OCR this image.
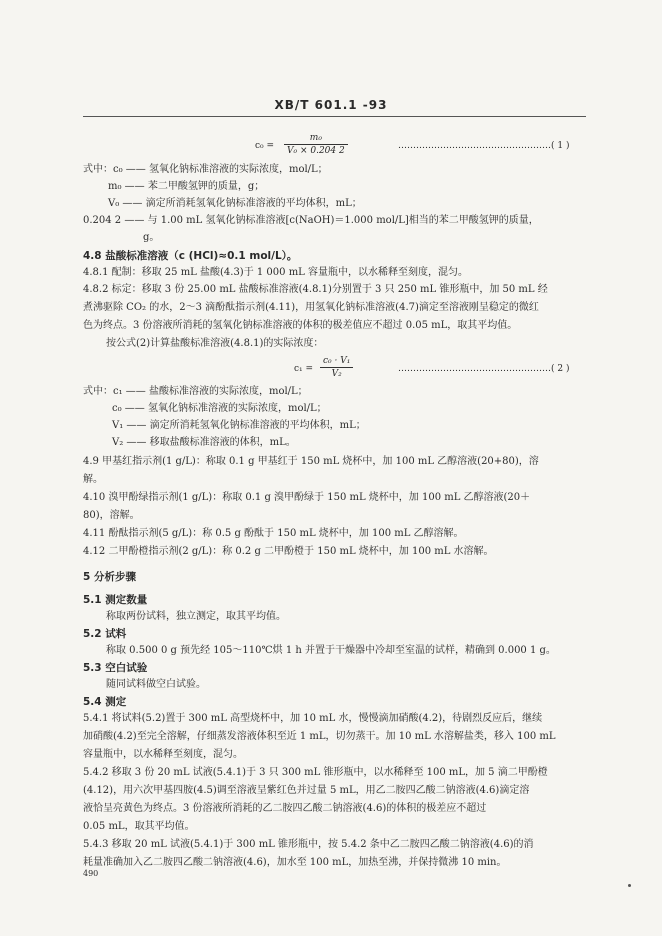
XB/T 601.1 -93
c₀ =
m₀
V₀ × 0.204 2	……………………………………………( 1 )
式中：c₀ —— 氢氧化钠标准溶液的实际浓度，mol/L；
m₀ —— 苯二甲酸氢钾的质量，g；
V₀ —— 滴定所消耗氢氧化钠标准溶液的平均体积，mL；
0.204 2 —— 与 1.00 mL 氢氧化钠标准溶液[c(NaOH)＝1.000 mol/L]相当的苯二甲酸氢钾的质量，
g。
4.8 盐酸标准溶液（c (HCl)≈0.1 mol/L）。
4.8.1 配制：移取 25 mL 盐酸(4.3)于 1 000 mL 容量瓶中，以水稀释至刻度，混匀。
4.8.2 标定：移取 3 份 25.00 mL 盐酸标准溶液(4.8.1)分别置于 3 只 250 mL 锥形瓶中，加 50 mL 经
煮沸驱除 CO₂ 的水，2～3 滴酚酞指示剂(4.11)，用氢氧化钠标准溶液(4.7)滴定至溶液刚呈稳定的微红
色为终点。3 份溶液所消耗的氢氧化钠标准溶液的体积的极差值应不超过 0.05 mL，取其平均值。
按公式(2)计算盐酸标准溶液(4.8.1)的实际浓度：
c₁ =
c₀ · V₁
V₂	……………………………………………( 2 )
式中：c₁ —— 盐酸标准溶液的实际浓度，mol/L；
c₀ —— 氢氧化钠标准溶液的实际浓度，mol/L；
V₁ —— 滴定所消耗氢氧化钠标准溶液的平均体积，mL；
V₂ —— 移取盐酸标准溶液的体积，mL。
4.9 甲基红指示剂(1 g/L)：称取 0.1 g 甲基红于 150 mL 烧杯中，加 100 mL 乙醇溶液(20+80)，溶
解。
4.10 溴甲酚绿指示剂(1 g/L)：称取 0.1 g 溴甲酚绿于 150 mL 烧杯中，加 100 mL 乙醇溶液(20＋
80)，溶解。
4.11 酚酞指示剂(5 g/L)：称 0.5 g 酚酞于 150 mL 烧杯中，加 100 mL 乙醇溶解。
4.12 二甲酚橙指示剂(2 g/L)：称 0.2 g 二甲酚橙于 150 mL 烧杯中，加 100 mL 水溶解。
5 分析步骤
5.1 测定数量
称取两份试料，独立测定，取其平均值。
5.2 试料
称取 0.500 0 g 预先经 105～110℃烘 1 h 并置于干燥器中冷却至室温的试样，精确到 0.000 1 g。
5.3 空白试验
随同试料做空白试验。
5.4 测定
5.4.1 将试料(5.2)置于 300 mL 高型烧杯中，加 10 mL 水，慢慢滴加硝酸(4.2)，待剧烈反应后，继续
加硝酸(4.2)至完全溶解，仔细蒸发溶液体积至近 1 mL，切勿蒸干。加 10 mL 水溶解盐类，移入 100 mL
容量瓶中，以水稀释至刻度，混匀。
5.4.2 移取 3 份 20 mL 试液(5.4.1)于 3 只 300 mL 锥形瓶中，以水稀释至 100 mL，加 5 滴二甲酚橙
(4.12)，用六次甲基四胺(4.5)调至溶液呈紫红色并过量 5 mL，用乙二胺四乙酸二钠溶液(4.6)滴定溶
液恰呈亮黄色为终点。3 份溶液所消耗的乙二胺四乙酸二钠溶液(4.6)的体积的极差应不超过
0.05 mL，取其平均值。
5.4.3 移取 20 mL 试液(5.4.1)于 300 mL 锥形瓶中，按 5.4.2 条中乙二胺四乙酸二钠溶液(4.6)的消
耗量准确加入乙二胺四乙酸二钠溶液(4.6)，加水至 100 mL，加热至沸，并保持微沸 10 min。
490
